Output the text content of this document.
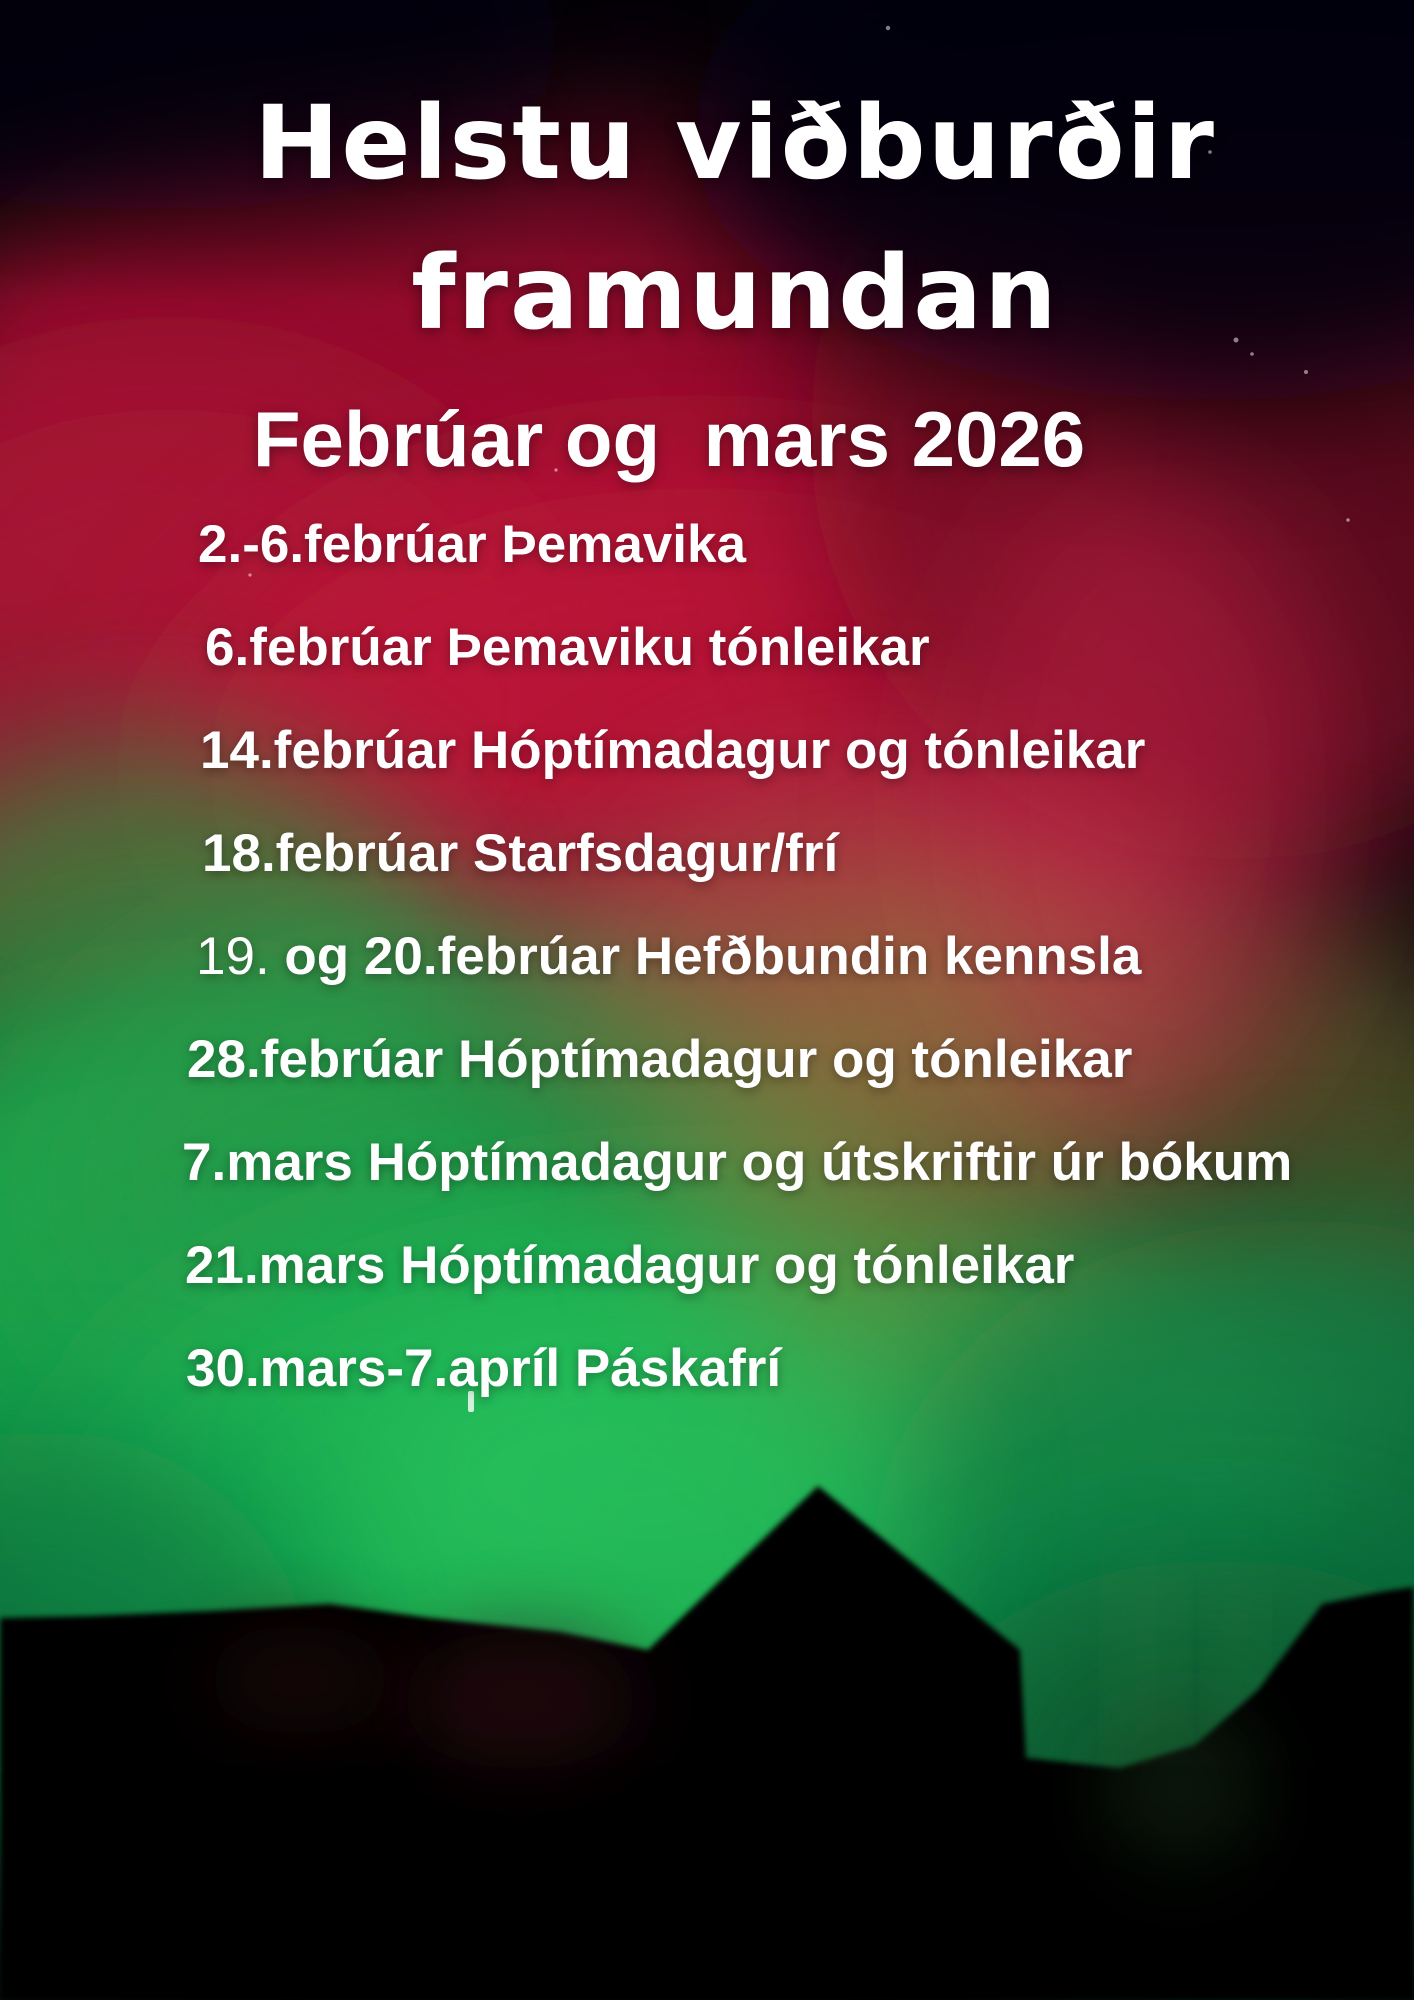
Helstu viðburðir
framundan
Febrúar og  mars 2026
2.-6.febrúar Þemavika
6.febrúar Þemaviku tónleikar
14.febrúar Hóptímadagur og tónleikar
18.febrúar Starfsdagur/frí
19. og 20.febrúar Hefðbundin kennsla
28.febrúar Hóptímadagur og tónleikar
7.mars Hóptímadagur og útskriftir úr bókum
21.mars Hóptímadagur og tónleikar
30.mars-7.apríl Páskafrí
